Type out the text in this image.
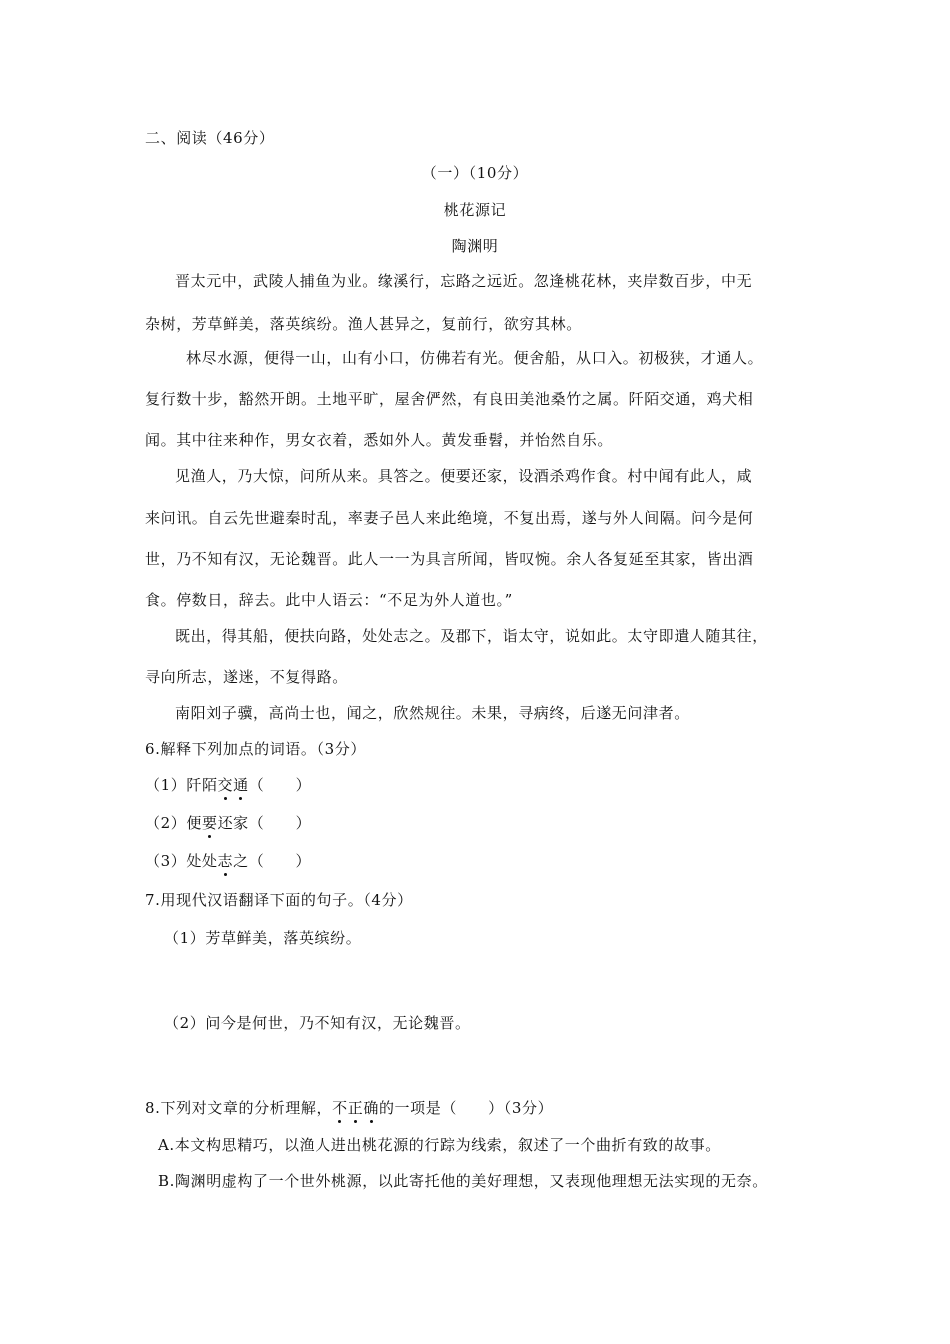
二、阅读（46分）
（一）（10分）
桃花源记
陶渊明
晋太元中，武陵人捕鱼为业。缘溪行，忘路之远近。忽逢桃花林，夹岸数百步，中无
杂树，芳草鲜美，落英缤纷。渔人甚异之，复前行，欲穷其林。
林尽水源，便得一山，山有小口，仿佛若有光。便舍船，从口入。初极狭，才通人。
复行数十步，豁然开朗。土地平旷，屋舍俨然，有良田美池桑竹之属。阡陌交通，鸡犬相
闻。其中往来种作，男女衣着，悉如外人。黄发垂髫，并怡然自乐。
见渔人，乃大惊，问所从来。具答之。便要还家，设酒杀鸡作食。村中闻有此人，咸
来问讯。自云先世避秦时乱，率妻子邑人来此绝境，不复出焉，遂与外人间隔。问今是何
世，乃不知有汉，无论魏晋。此人一一为具言所闻，皆叹惋。余人各复延至其家，皆出酒
食。停数日，辞去。此中人语云：“不足为外人道也。”
既出，得其船，便扶向路，处处志之。及郡下，诣太守，说如此。太守即遣人随其往，
寻向所志，遂迷，不复得路。
南阳刘子骥，高尚士也，闻之，欣然规往。未果，寻病终，后遂无问津者。
6.解释下列加点的词语。（3分）
（1）阡陌交通（　　）
（2）便要还家（　　）
（3）处处志之（　　）
7.用现代汉语翻译下面的句子。（4分）
（1）芳草鲜美，落英缤纷。
（2）问今是何世，乃不知有汉，无论魏晋。
8.下列对文章的分析理解，不正确的一项是（　　）（3分）
A.本文构思精巧，以渔人进出桃花源的行踪为线索，叙述了一个曲折有致的故事。
B.陶渊明虚构了一个世外桃源，以此寄托他的美好理想，又表现他理想无法实现的无奈。
